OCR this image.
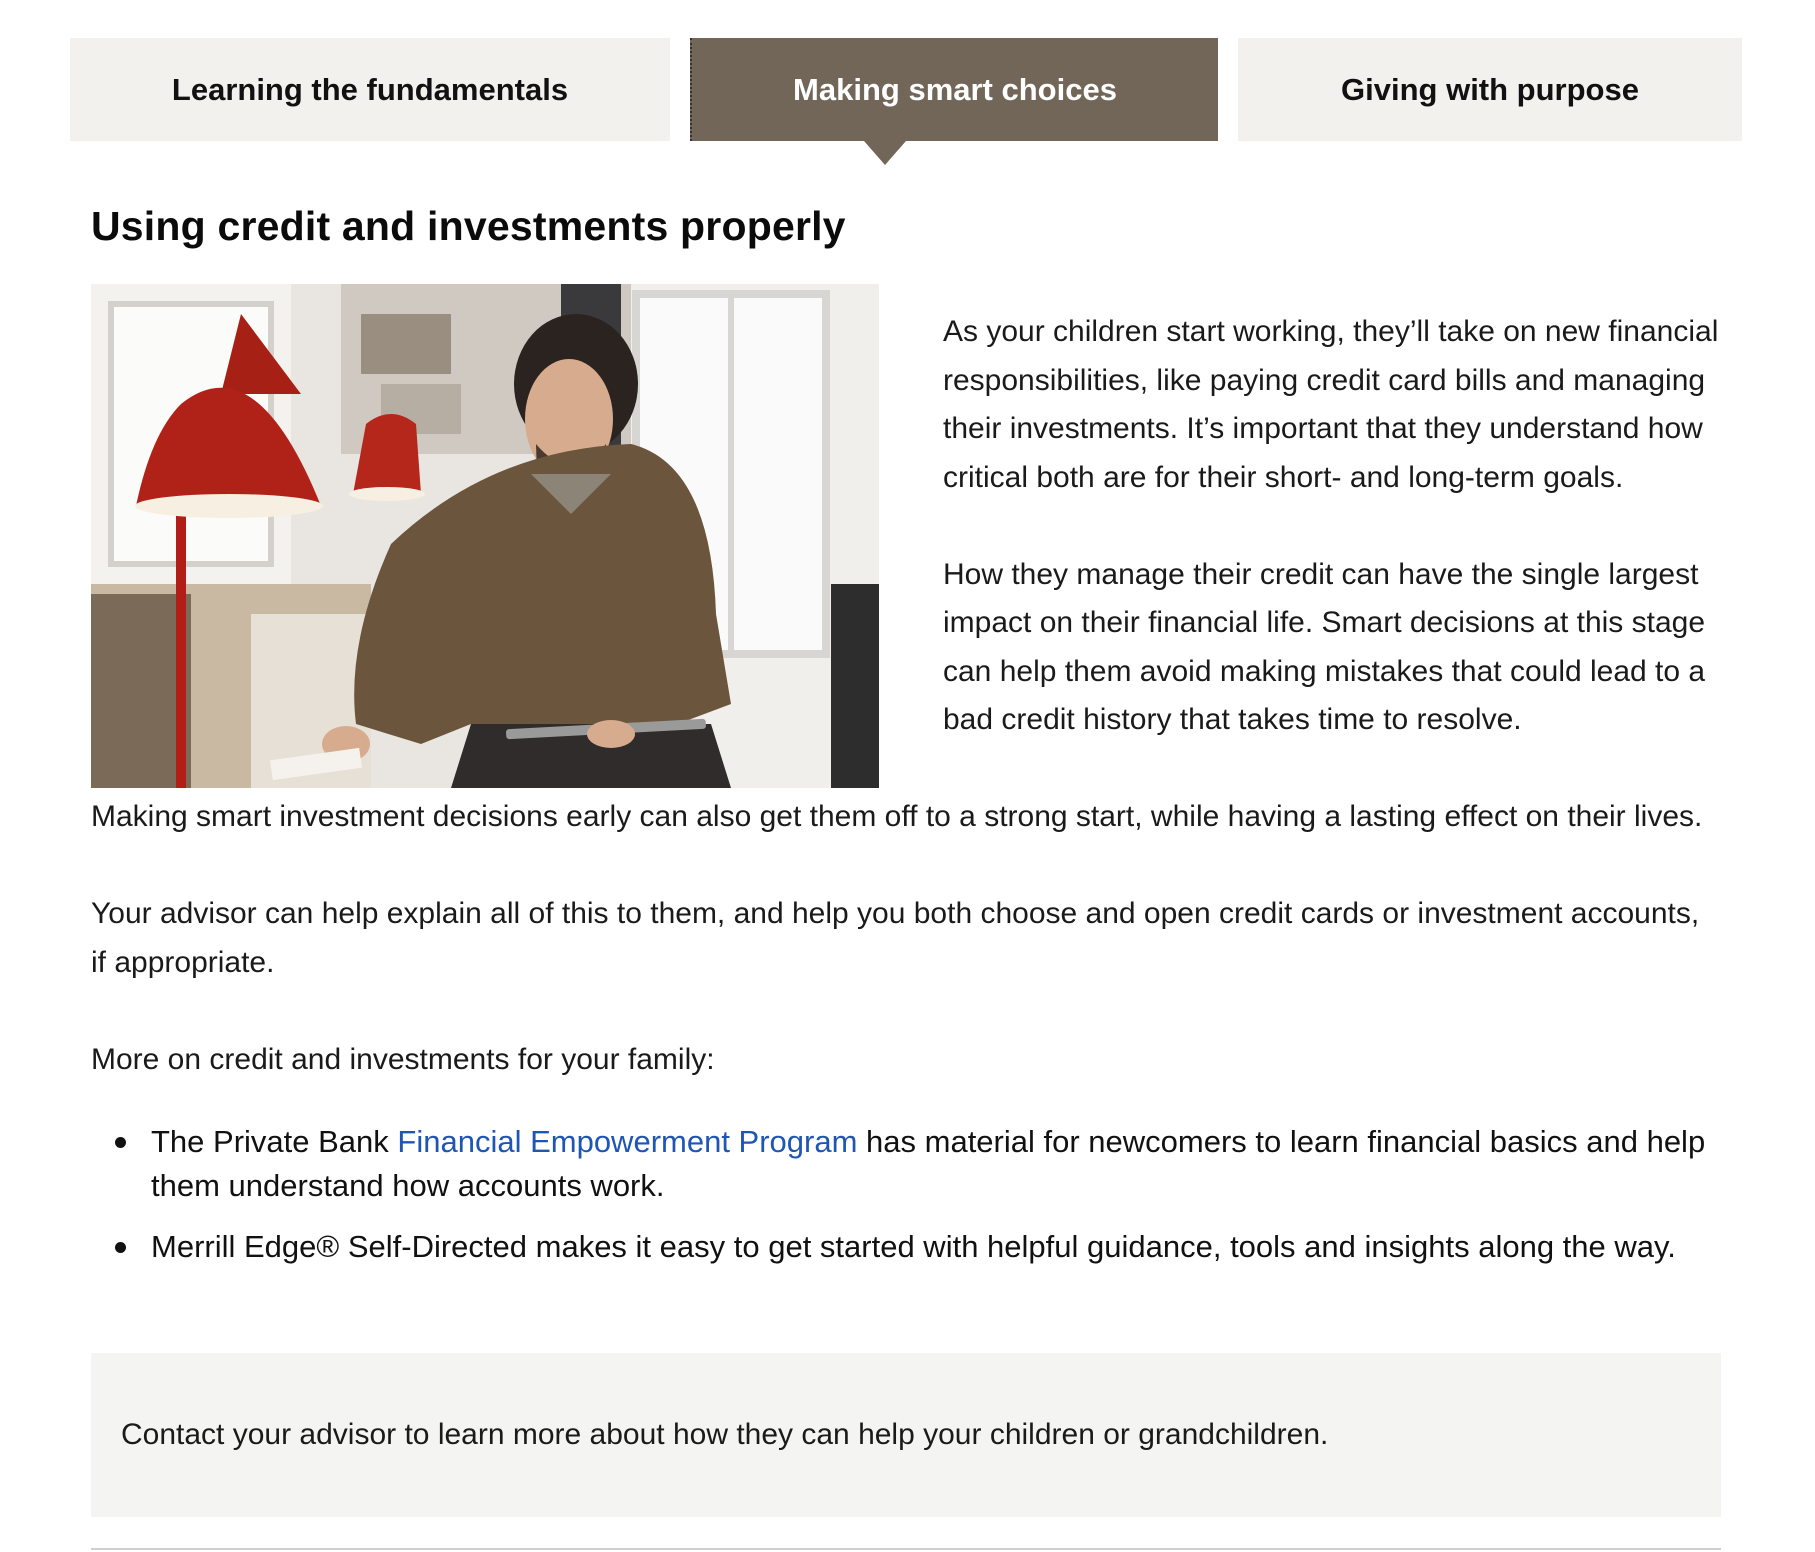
Learning the fundamentals	Making smart choices	Giving with purpose
Using credit and investments properly

As your children start working, they’ll take on new financial responsibilities, like paying credit card bills and managing their investments. It’s important that they understand how critical both are for their short- and long-term goals.

How they manage their credit can have the single largest impact on their financial life. Smart decisions at this stage can help them avoid making mistakes that could lead to a bad credit history that takes time to resolve.

Making smart investment decisions early can also get them off to a strong start, while having a lasting effect on their lives.

Your advisor can help explain all of this to them, and help you both choose and open credit cards or investment accounts, if appropriate.

More on credit and investments for your family:

The Private Bank Financial Empowerment Program has material for newcomers to learn financial basics and help them understand how accounts work.
Merrill Edge® Self-Directed makes it easy to get started with helpful guidance, tools and insights along the way.
Contact your advisor to learn more about how they can help your children or grandchildren.
